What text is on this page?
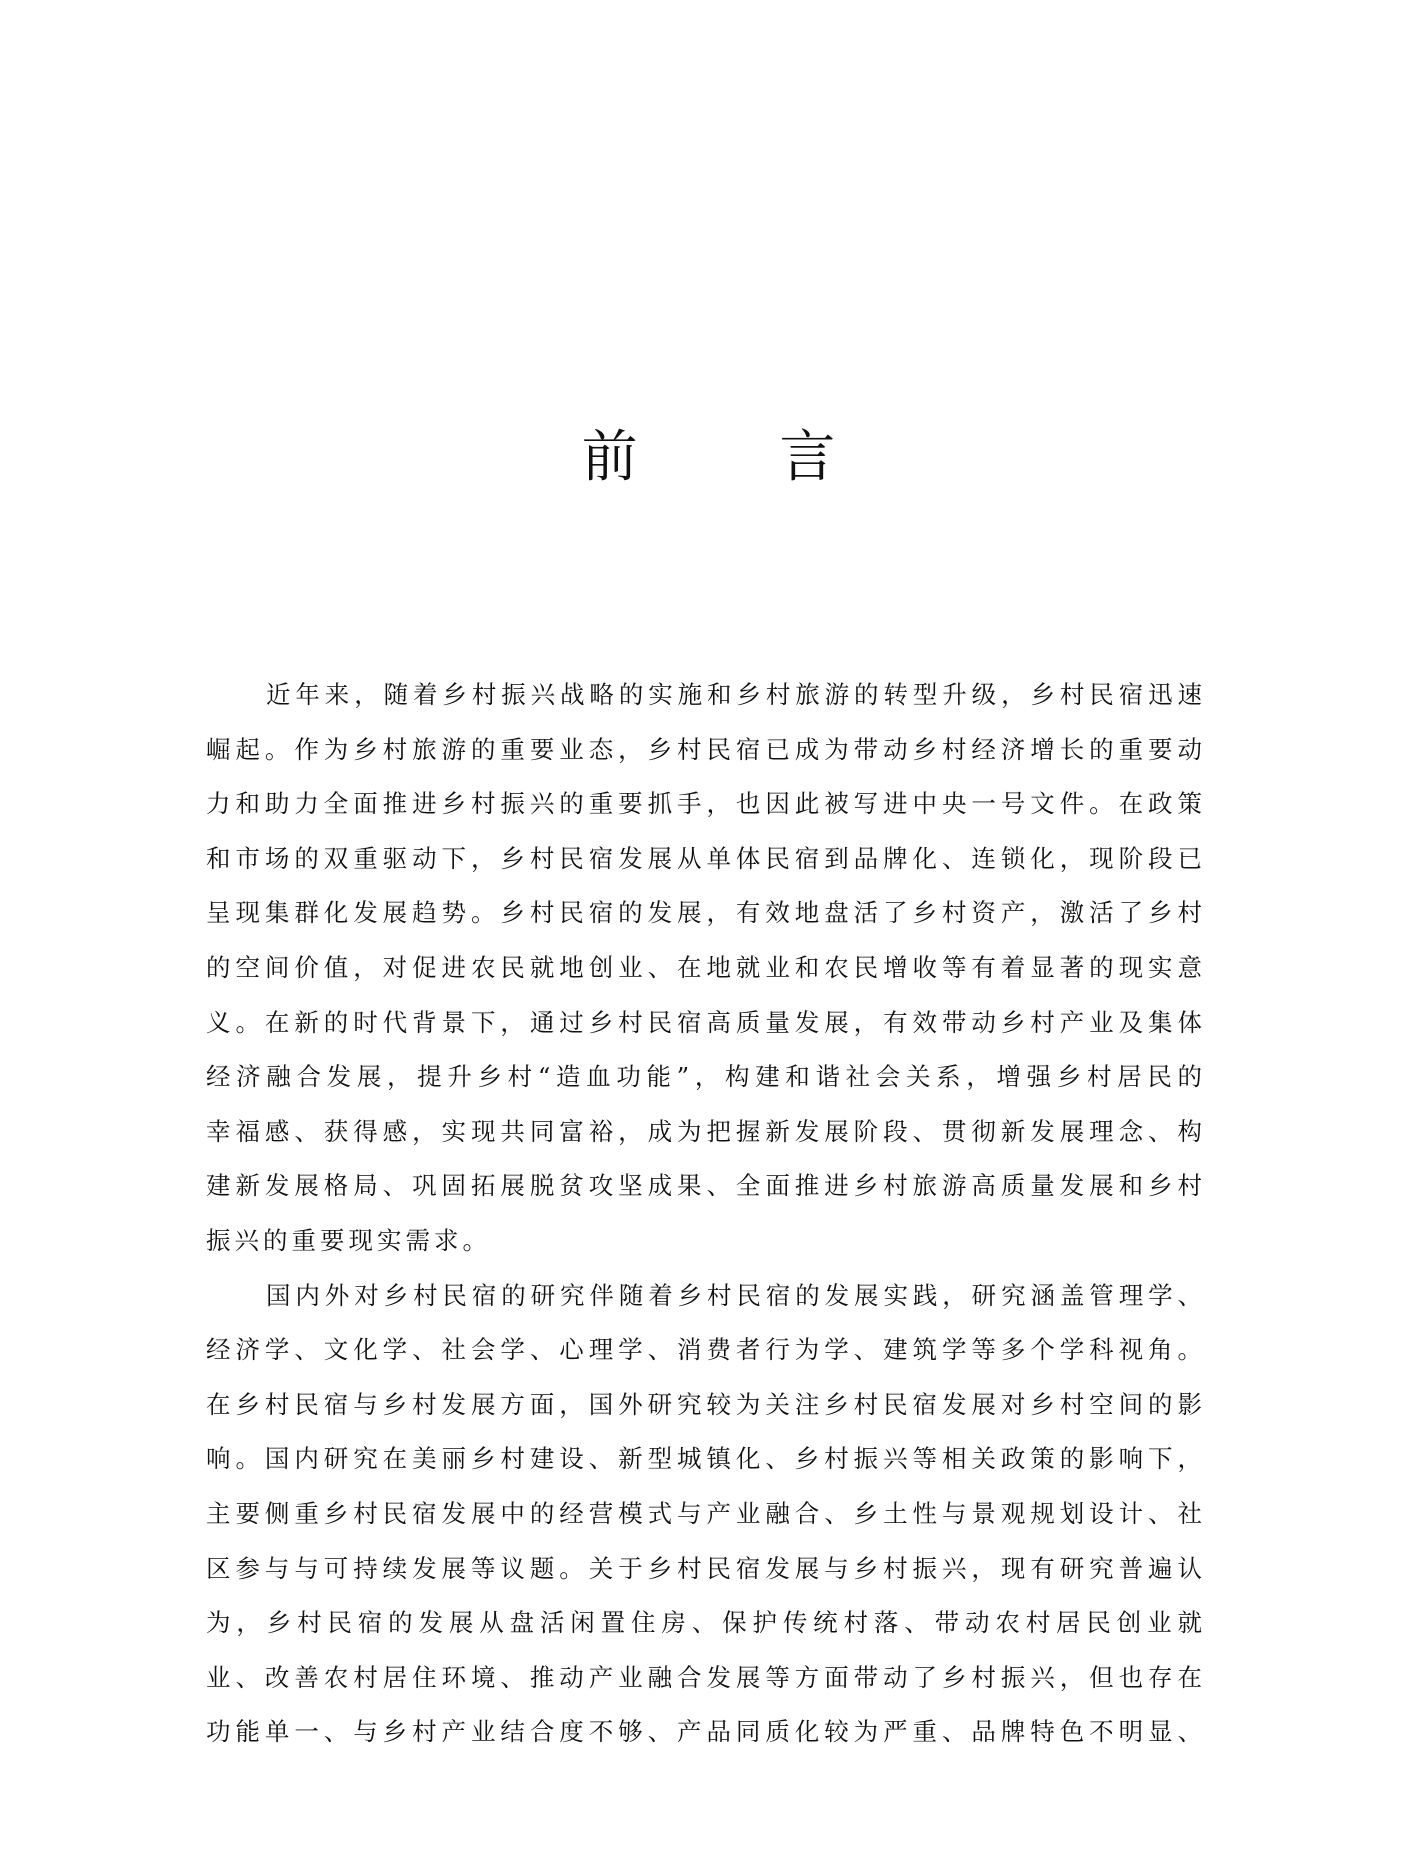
前 言
近年来，随着乡村振兴战略的实施和乡村旅游的转型升级，乡村民宿迅速
崛起。作为乡村旅游的重要业态，乡村民宿已成为带动乡村经济增长的重要动
力和助力全面推进乡村振兴的重要抓手，也因此被写进中央一号文件。在政策
和市场的双重驱动下，乡村民宿发展从单体民宿到品牌化、连锁化，现阶段已
呈现集群化发展趋势。乡村民宿的发展，有效地盘活了乡村资产，激活了乡村
的空间价值，对促进农民就地创业、在地就业和农民增收等有着显著的现实意
义。在新的时代背景下，通过乡村民宿高质量发展，有效带动乡村产业及集体
经济融合发展，提升乡村“造血功能”，构建和谐社会关系，增强乡村居民的
幸福感、获得感，实现共同富裕，成为把握新发展阶段、贯彻新发展理念、构
建新发展格局、巩固拓展脱贫攻坚成果、全面推进乡村旅游高质量发展和乡村
振兴的重要现实需求。
国内外对乡村民宿的研究伴随着乡村民宿的发展实践，研究涵盖管理学、
经济学、文化学、社会学、心理学、消费者行为学、建筑学等多个学科视角。
在乡村民宿与乡村发展方面，国外研究较为关注乡村民宿发展对乡村空间的影
响。国内研究在美丽乡村建设、新型城镇化、乡村振兴等相关政策的影响下，
主要侧重乡村民宿发展中的经营模式与产业融合、乡土性与景观规划设计、社
区参与与可持续发展等议题。关于乡村民宿发展与乡村振兴，现有研究普遍认
为，乡村民宿的发展从盘活闲置住房、保护传统村落、带动农村居民创业就
业、改善农村居住环境、推动产业融合发展等方面带动了乡村振兴，但也存在
功能单一、与乡村产业结合度不够、产品同质化较为严重、品牌特色不明显、
